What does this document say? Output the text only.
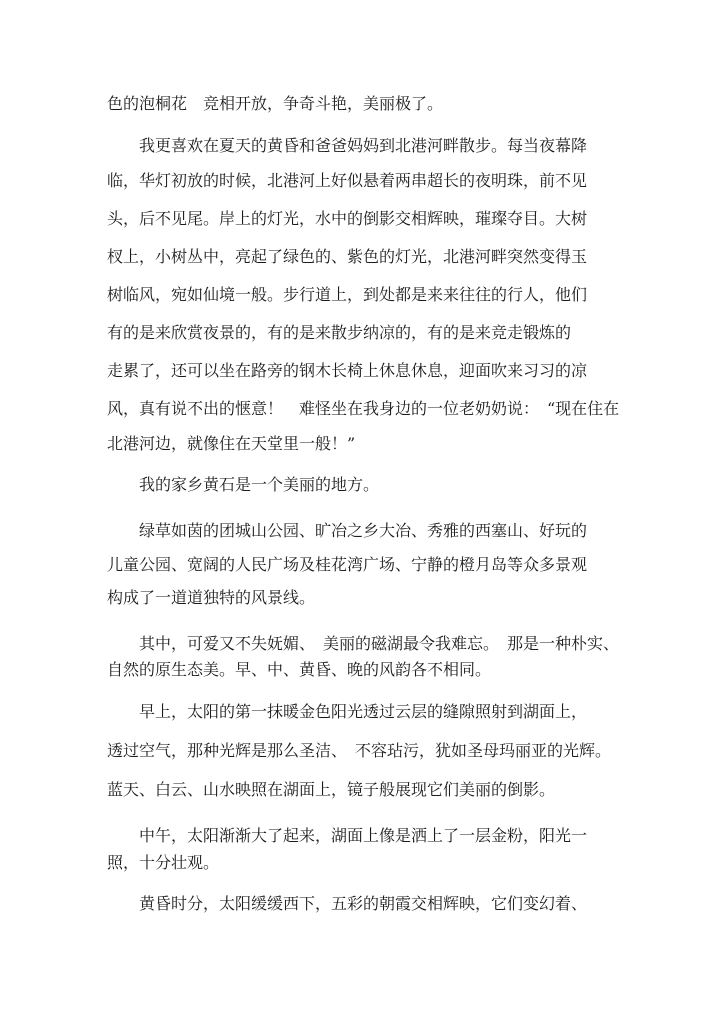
色的泡桐花　竞相开放，争奇斗艳，美丽极了。

我更喜欢在夏天的黄昏和爸爸妈妈到北港河畔散步。每当夜幕降

临，华灯初放的时候，北港河上好似悬着两串超长的夜明珠，前不见

头，后不见尾。岸上的灯光，水中的倒影交相辉映，璀璨夺目。大树

杈上，小树丛中，亮起了绿色的、紫色的灯光，北港河畔突然变得玉

树临风，宛如仙境一般。步行道上，到处都是来来往往的行人，他们

有的是来欣赏夜景的，有的是来散步纳凉的，有的是来竞走锻炼的

走累了，还可以坐在路旁的钢木长椅上休息休息，迎面吹来习习的凉

风，真有说不出的惬意！　难怪坐在我身边的一位老奶奶说：　“现在住在

北港河边，就像住在天堂里一般！”

我的家乡黄石是一个美丽的地方。

绿草如茵的团城山公园、旷冶之乡大冶、秀雅的西塞山、好玩的

儿童公园、宽阔的人民广场及桂花湾广场、宁静的橙月岛等众多景观

构成了一道道独特的风景线。

其中，可爱又不失妩媚、　美丽的磁湖最令我难忘。　那是一种朴实、

自然的原生态美。早、中、黄昏、晚的风韵各不相同。

早上，太阳的第一抹暖金色阳光透过云层的缝隙照射到湖面上，

透过空气，那种光辉是那么圣洁、　不容玷污，犹如圣母玛丽亚的光辉。

蓝天、白云、山水映照在湖面上，镜子般展现它们美丽的倒影。

中午，太阳渐渐大了起来，湖面上像是洒上了一层金粉，阳光一

照，十分壮观。

黄昏时分，太阳缓缓西下，五彩的朝霞交相辉映，它们变幻着、
